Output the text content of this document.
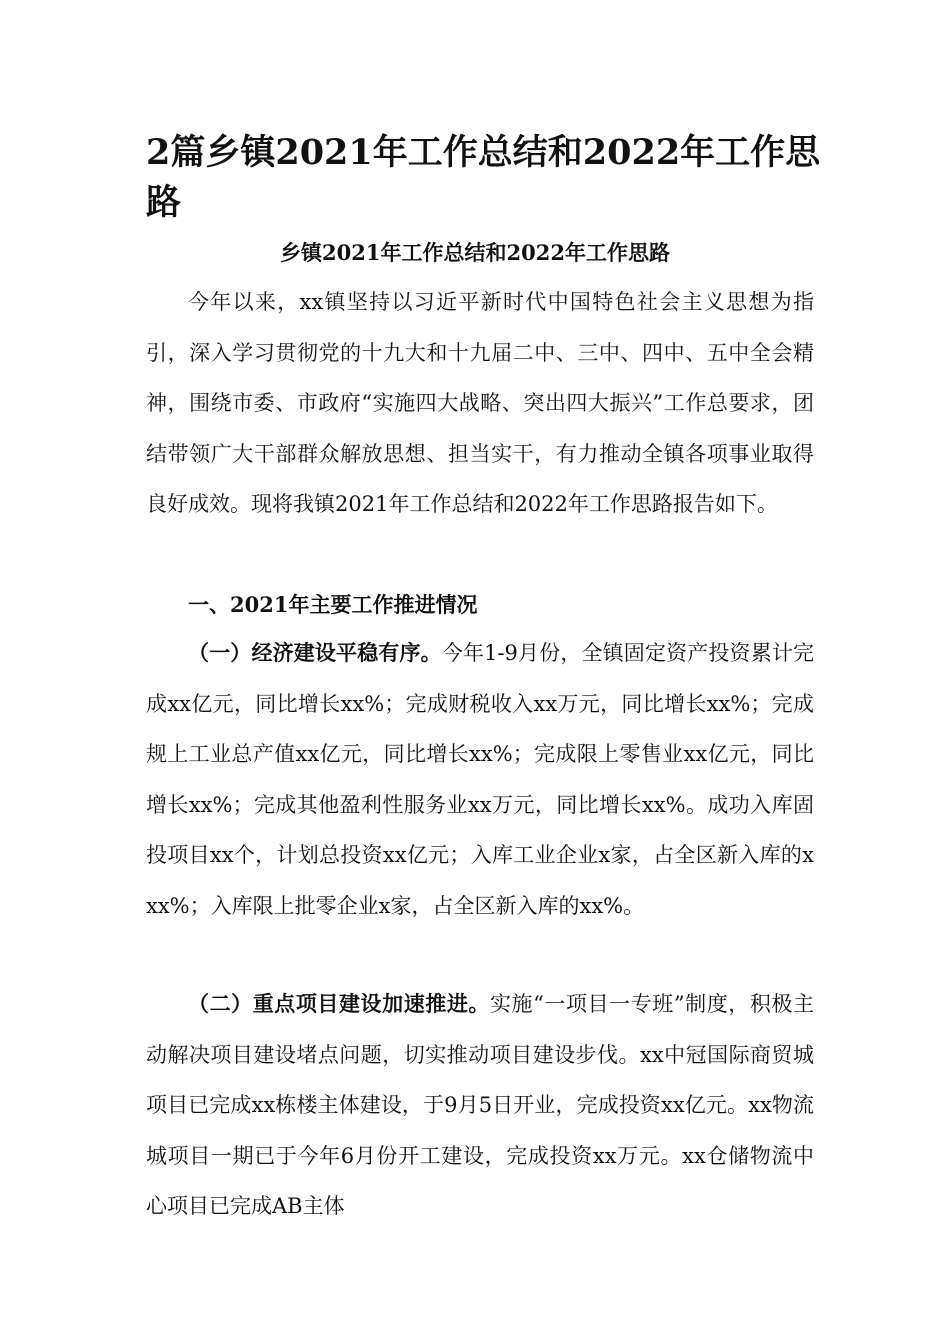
2篇乡镇2021年工作总结和2022年工作思路
乡镇2021年工作总结和2022年工作思路

今年以来，xx镇坚持以习近平新时代中国特色社会主义思想为指引，深入学习贯彻党的十九大和十九届二中、三中、四中、五中全会精神，围绕市委、市政府“实施四大战略、突出四大振兴”工作总要求，团结带领广大干部群众解放思想、担当实干，有力推动全镇各项事业取得良好成效。现将我镇2021年工作总结和2022年工作思路报告如下。

一、2021年主要工作推进情况

（一）经济建设平稳有序。今年1-9月份，全镇固定资产投资累计完成xx亿元，同比增长xx%；完成财税收入xx万元，同比增长xx%；完成规上工业总产值xx亿元，同比增长xx%；完成限上零售业xx亿元，同比增长xx%；完成其他盈利性服务业xx万元，同比增长xx%。成功入库固投项目xx个，计划总投资xx亿元；入库工业企业x家，占全区新入库的xxx%；入库限上批零企业x家，占全区新入库的xx%。

（二）重点项目建设加速推进。实施“一项目一专班”制度，积极主动解决项目建设堵点问题，切实推动项目建设步伐。xx中冠国际商贸城项目已完成xx栋楼主体建设，于9月5日开业，完成投资xx亿元。xx物流城项目一期已于今年6月份开工建设，完成投资xx万元。xx仓储物流中心项目已完成AB主体
